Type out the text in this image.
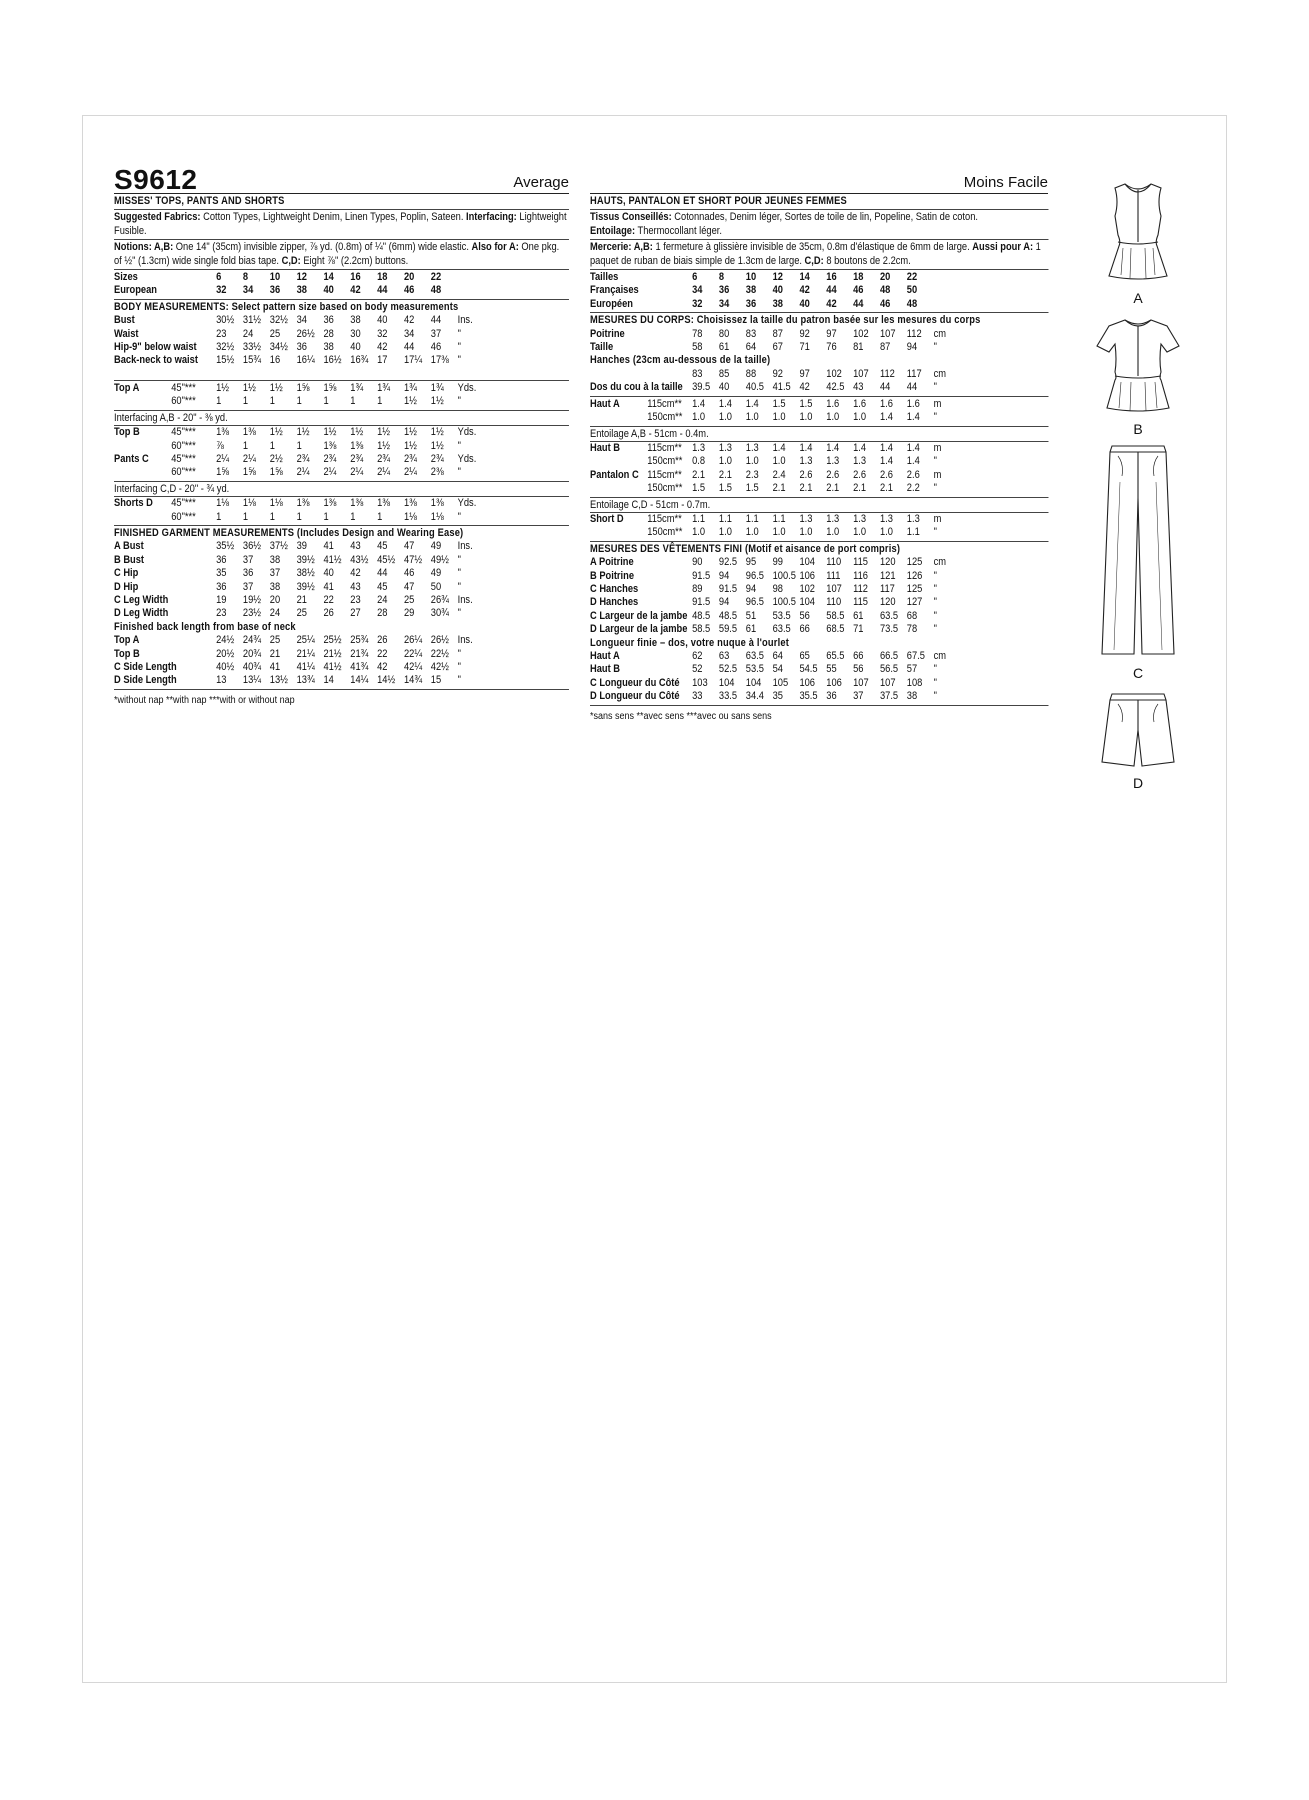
S9612	Average
MISSES' TOPS, PANTS AND SHORTS
Suggested Fabrics: Cotton Types, Lightweight Denim, Linen Types, Poplin, Sateen. Interfacing: Lightweight Fusible.
Notions: A,B: One 14" (35cm) invisible zipper, ⅞ yd. (0.8m) of ¼" (6mm) wide elastic. Also for A: One pkg. of ½" (1.3cm) wide single fold bias tape. C,D: Eight ⅞" (2.2cm) buttons.
Sizes	6	8	10	12	14	16	18	20	22
European	32	34	36	38	40	42	44	46	48
BODY MEASUREMENTS: Select pattern size based on body measurements
Bust	30½ 31½ 32½ 34	36	38	40	42	44	Ins.
Waist	23	24	25	26½ 28	30	32	34	37	"
Hip-9" below waist	32½ 33½ 34½ 36	38	40	42	44	46	"
Back-neck to waist	15½ 15¾ 16	16¼ 16½ 16¾ 17	17¼ 17⅜ "
Top A	45"***	1½	1½	1½	1⅝	1⅝	1¾	1¾	1¾	1¾	Yds.
60"***	1	1	1	1	1	1	1	1½	1½	"
Interfacing A,B - 20" - ⅜ yd.
Top B	45"***	1⅜	1⅜	1½	1½	1½	1½	1½	1½	1½	Yds.
60"***	⅞	1	1	1	1⅜	1⅜	1½	1½	1½	"
Pants C	45"***	2¼	2¼	2½	2¾	2¾	2¾	2¾	2¾	2¾	Yds.
60"***	1⅝	1⅝	1⅝	2¼	2¼	2¼	2¼	2¼	2⅜	"
Interfacing C,D - 20" - ¾ yd.
Shorts D	45"***	1⅛	1⅛	1⅛	1⅜	1⅜	1⅜	1⅜	1⅜	1⅜	Yds.
60"***	1	1	1	1	1	1	1	1⅛	1⅛	"
FINISHED GARMENT MEASUREMENTS (Includes Design and Wearing Ease)
A Bust	35½ 36½ 37½ 39	41	43	45	47	49	Ins.
B Bust	36	37	38	39½ 41½ 43½ 45½ 47½ 49½ "
C Hip	35	36	37	38½ 40	42	44	46	49	"
D Hip	36	37	38	39½ 41	43	45	47	50	"
C Leg Width	19	19½ 20	21	22	23	24	25	26¾ Ins.
D Leg Width	23	23½ 24	25	26	27	28	29	30¾ "
Finished back length from base of neck
Top A	24½ 24¾ 25	25¼ 25½ 25¾ 26	26¼ 26½ Ins.
Top B	20½ 20¾ 21	21¼ 21½ 21¾ 22	22¼ 22½ "
C Side Length	40½ 40¾ 41	41¼ 41½ 41¾ 42	42¼ 42½ "
D Side Length	13	13¼ 13½ 13¾ 14	14¼ 14½ 14¾ 15	"
*without nap **with nap ***with or without nap
Moins Facile
HAUTS, PANTALON ET SHORT POUR JEUNES FEMMES
Tissus Conseillés: Cotonnades, Denim léger, Sortes de toile de lin, Popeline, Satin de coton.
Entoilage: Thermocollant léger.
Mercerie: A,B: 1 fermeture à glissière invisible de 35cm, 0.8m d'élastique de 6mm de large. Aussi pour A: 1 paquet de ruban de biais simple de 1.3cm de large. C,D: 8 boutons de 2.2cm.
Tailles	6	8	10	12	14	16	18	20	22
Françaises	34	36	38	40	42	44	46	48	50
Européen	32	34	36	38	40	42	44	46	48
MESURES DU CORPS: Choisissez la taille du patron basée sur les mesures du corps
Poitrine	78	80	83	87	92	97	102	107	112	cm
Taille	58	61	64	67	71	76	81	87	94	"
Hanches (23cm au-dessous de la taille)
83	85	88	92	97	102	107	112	117	cm
Dos du cou à la taille 39.5 40	40.5 41.5 42	42.5 43	44	44	"
Haut A	115cm** 1.4	1.4	1.4	1.5	1.5	1.6	1.6	1.6	1.6	m
150cm** 1.0	1.0	1.0	1.0	1.0	1.0	1.0	1.4	1.4	"
Entoilage A,B - 51cm - 0.4m.
Haut B	115cm** 1.3	1.3	1.3	1.4	1.4	1.4	1.4	1.4	1.4	m
150cm** 0.8	1.0	1.0	1.0	1.3	1.3	1.3	1.4	1.4	"
Pantalon C 115cm** 2.1	2.1	2.3	2.4	2.6	2.6	2.6	2.6	2.6	m
150cm** 1.5	1.5	1.5	2.1	2.1	2.1	2.1	2.1	2.2	"
Entoilage C,D - 51cm - 0.7m.
Short D	115cm** 1.1	1.1	1.1	1.1	1.3	1.3	1.3	1.3	1.3	m
150cm** 1.0	1.0	1.0	1.0	1.0	1.0	1.0	1.0	1.1	"
MESURES DES VÊTEMENTS FINI (Motif et aisance de port compris)
A Poitrine	90	92.5 95	99	104	110	115	120	125	cm
B Poitrine	91.5 94	96.5 100.5 106	111	116	121	126	"
C Hanches	89	91.5 94	98	102	107	112	117	125	"
D Hanches	91.5 94	96.5 100.5 104	110	115	120	127	"
C Largeur de la jambe 48.5 48.5 51	53.5 56	58.5 61	63.5 68	"
D Largeur de la jambe 58.5 59.5 61	63.5 66	68.5 71	73.5 78	"
Longueur finie – dos, votre nuque à l'ourlet
Haut A	62	63	63.5 64	65	65.5 66	66.5 67.5 cm
Haut B	52	52.5 53.5 54	54.5 55	56	56.5 57	"
C Longueur du Côté	103	104	104	105	106	106	107	107	108	"
D Longueur du Côté	33	33.5 34.4 35	35.5 36	37	37.5 38	"
*sans sens **avec sens ***avec ou sans sens
A
B
C
D
